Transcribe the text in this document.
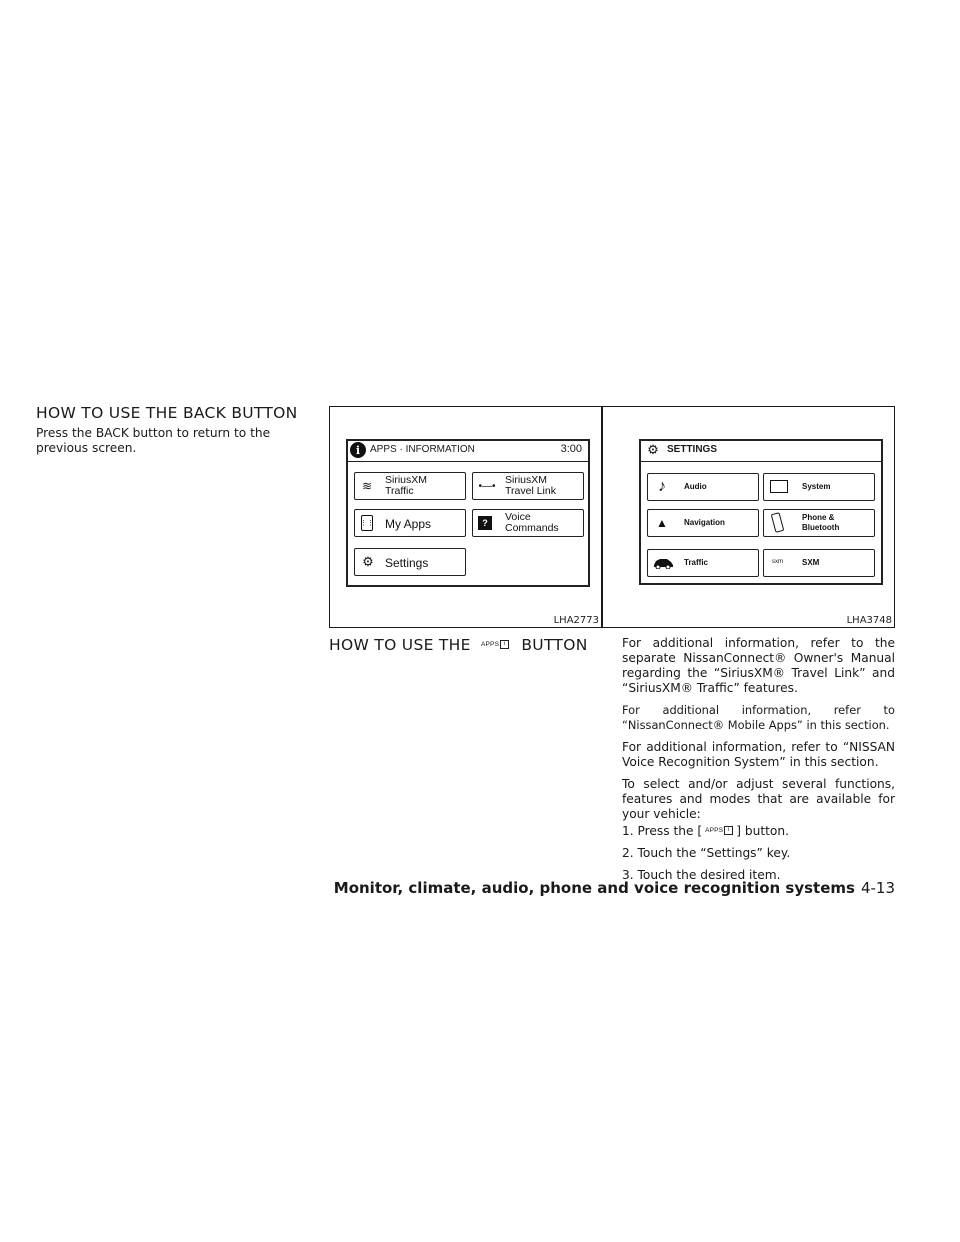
HOW TO USE THE BACK BUTTON
Press the BACK button to return to the previous screen.	i APPS · INFORMATION	3:00
≋ SiriusXM
Traffic	•—• SiriusXM
Travel Link
⋮⋮ My Apps	?	Voice
Commands
⚙ Settings
LHA2773
⚙ SETTINGS
♪	Audio	System
▲ Navigation
Phone &
Bluetooth
Traffic	sxm SXM
LHA3748
HOW TO USE THE APPS i BUTTON	For additional information, refer to the separate NissanConnect® Owner's Manual regarding the “SiriusXM® Travel Link” and “SiriusXM® Traffic” features.

For additional information, refer to “NissanConnect® Mobile Apps” in this section.

For additional information, refer to “NISSAN Voice Recognition System” in this section.

To select and/or adjust several functions, features and modes that are available for your vehicle:

1. Press the [ APPS i ] button.
2. Touch the “Settings” key.
3. Touch the desired item.
Monitor, climate, audio, phone and voice recognition systems 4-13
